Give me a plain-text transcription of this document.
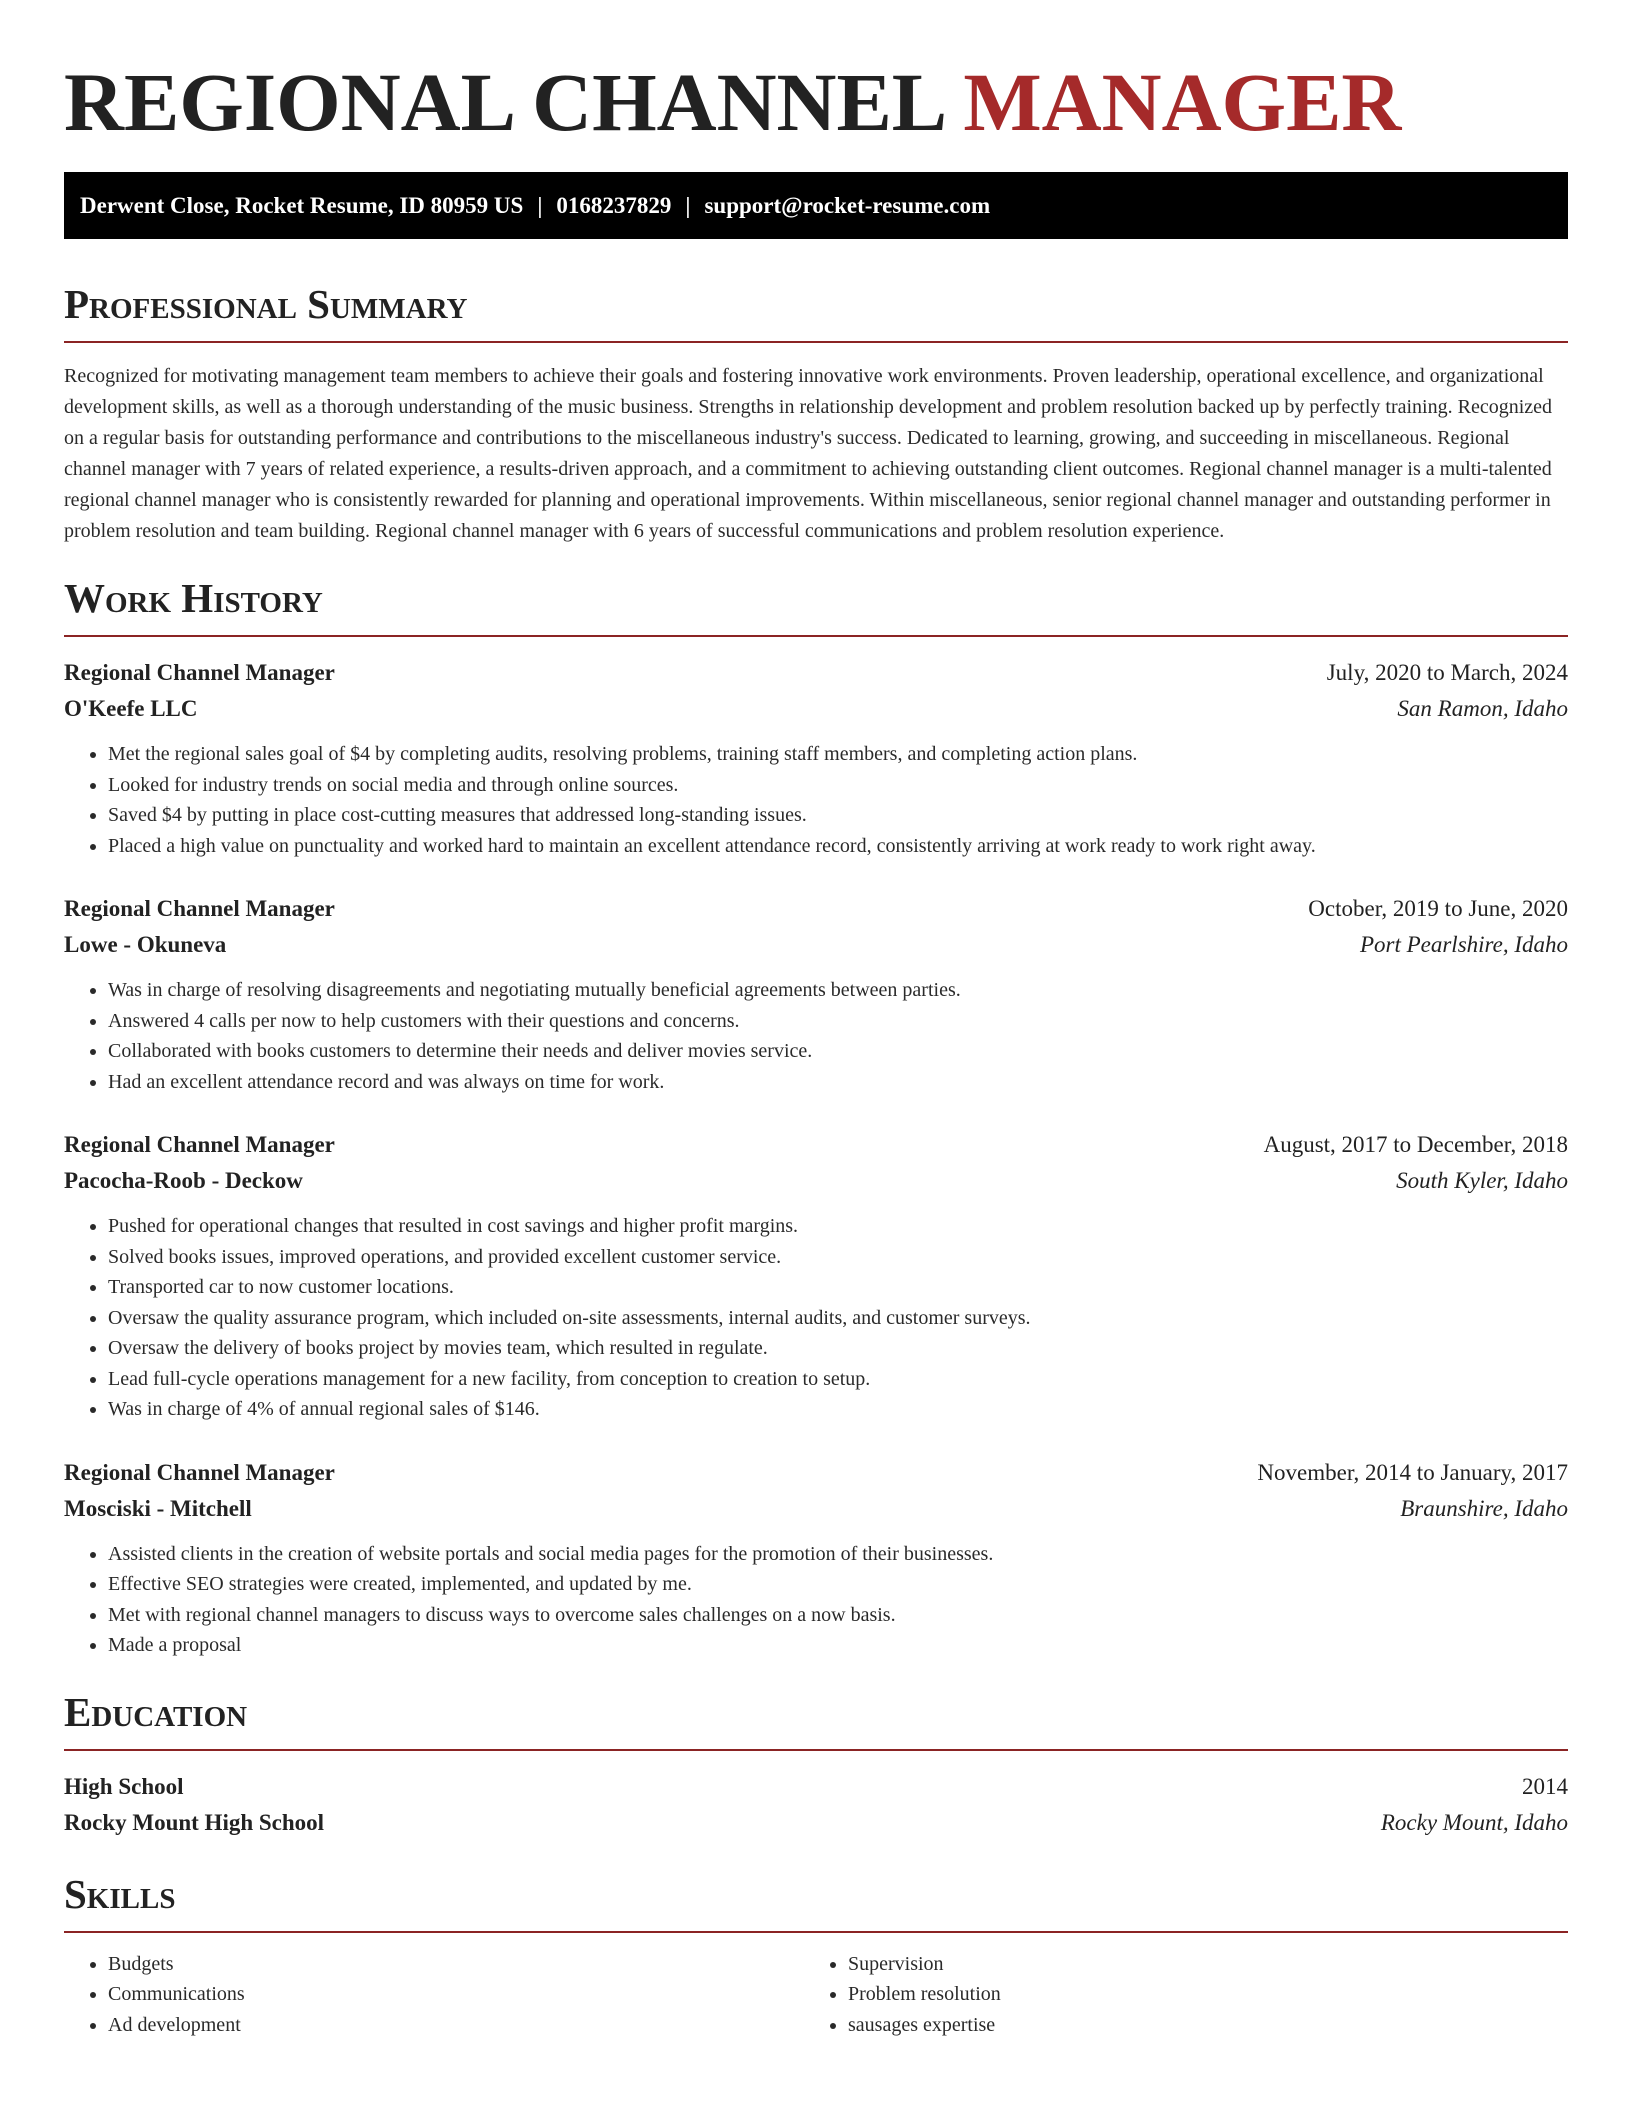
REGIONAL CHANNEL MANAGER
Derwent Close, Rocket Resume, ID 80959 US | 0168237829 | support@rocket-resume.com
Professional Summary

Recognized for motivating management team members to achieve their goals and fostering innovative work environments. Proven leadership, operational excellence, and organizational development skills, as well as a thorough understanding of the music business. Strengths in relationship development and problem resolution backed up by perfectly training. Recognized on a regular basis for outstanding performance and contributions to the miscellaneous industry's success. Dedicated to learning, growing, and succeeding in miscellaneous. Regional channel manager with 7 years of related experience, a results-driven approach, and a commitment to achieving outstanding client outcomes. Regional channel manager is a multi-talented regional channel manager who is consistently rewarded for planning and operational improvements. Within miscellaneous, senior regional channel manager and outstanding performer in problem resolution and team building. Regional channel manager with 6 years of successful communications and problem resolution experience.

Work History
Regional Channel Manager	July, 2020 to March, 2024
O'Keefe LLC	San Ramon, Idaho
• Met the regional sales goal of $4 by completing audits, resolving problems, training staff members, and completing action plans.
• Looked for industry trends on social media and through online sources.
• Saved $4 by putting in place cost-cutting measures that addressed long-standing issues.
• Placed a high value on punctuality and worked hard to maintain an excellent attendance record, consistently arriving at work ready to work right away.
Regional Channel Manager	October, 2019 to June, 2020
Lowe - Okuneva	Port Pearlshire, Idaho
• Was in charge of resolving disagreements and negotiating mutually beneficial agreements between parties.
• Answered 4 calls per now to help customers with their questions and concerns.
• Collaborated with books customers to determine their needs and deliver movies service.
• Had an excellent attendance record and was always on time for work.
Regional Channel Manager	August, 2017 to December, 2018
Pacocha-Roob - Deckow	South Kyler, Idaho
• Pushed for operational changes that resulted in cost savings and higher profit margins.
• Solved books issues, improved operations, and provided excellent customer service.
• Transported car to now customer locations.
• Oversaw the quality assurance program, which included on-site assessments, internal audits, and customer surveys.
• Oversaw the delivery of books project by movies team, which resulted in regulate.
• Lead full-cycle operations management for a new facility, from conception to creation to setup.
• Was in charge of 4% of annual regional sales of $146.
Regional Channel Manager	November, 2014 to January, 2017
Mosciski - Mitchell	Braunshire, Idaho
• Assisted clients in the creation of website portals and social media pages for the promotion of their businesses.
• Effective SEO strategies were created, implemented, and updated by me.
• Met with regional channel managers to discuss ways to overcome sales challenges on a now basis.
• Made a proposal
Education
High School	2014
Rocky Mount High School	Rocky Mount, Idaho
Skills
• Budgets
• Communications
• Ad development
• Supervision
• Problem resolution
• sausages expertise
